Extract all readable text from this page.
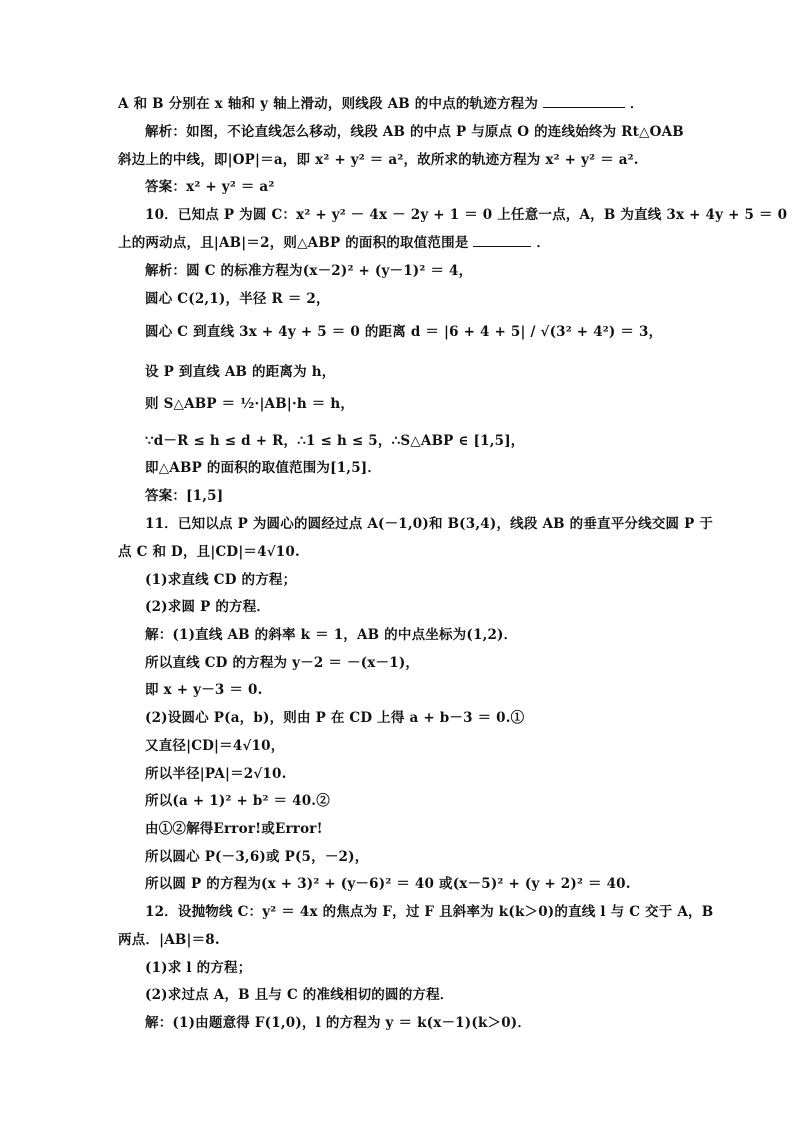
A 和 B 分别在 x 轴和 y 轴上滑动，则线段 AB 的中点的轨迹方程为	．
解析：如图，不论直线怎么移动，线段 AB 的中点 P 与原点 O 的连线始终为 Rt△OAB
斜边上的中线，即|OP|＝a，即 x² + y² ＝ a²，故所求的轨迹方程为 x² + y² ＝ a².
答案：x² + y² ＝ a²
10．已知点 P 为圆 C：x² + y² － 4x － 2y + 1 ＝ 0 上任意一点，A，B 为直线 3x + 4y + 5 ＝ 0
上的两动点，且|AB|＝2，则△ABP 的面积的取值范围是	．
解析：圆 C 的标准方程为(x－2)² + (y－1)² ＝ 4，
圆心 C(2,1)，半径 R ＝ 2，
圆心 C 到直线 3x + 4y + 5 ＝ 0 的距离 d ＝ |6 + 4 + 5| / √(3² + 4²) ＝ 3，
设 P 到直线 AB 的距离为 h，
则 S△ABP ＝ ½·|AB|·h ＝ h，
∵d－R ≤ h ≤ d + R，∴1 ≤ h ≤ 5，∴S△ABP ∈ [1,5]，
即△ABP 的面积的取值范围为[1,5]．
答案：[1,5]
11．已知以点 P 为圆心的圆经过点 A(－1,0)和 B(3,4)，线段 AB 的垂直平分线交圆 P 于
点 C 和 D，且|CD|＝4√10.
(1)求直线 CD 的方程；
(2)求圆 P 的方程．
解：(1)直线 AB 的斜率 k ＝ 1，AB 的中点坐标为(1,2)．
所以直线 CD 的方程为 y－2 ＝ －(x－1)，
即 x + y－3 ＝ 0.
(2)设圆心 P(a，b)，则由 P 在 CD 上得 a + b－3 ＝ 0.①
又直径|CD|＝4√10，
所以半径|PA|＝2√10.
所以(a + 1)² + b² ＝ 40.②
由①②解得Error!或Error!
所以圆心 P(－3,6)或 P(5，－2)，
所以圆 P 的方程为(x + 3)² + (y－6)² ＝ 40 或(x－5)² + (y + 2)² ＝ 40.
12．设抛物线 C：y² ＝ 4x 的焦点为 F，过 F 且斜率为 k(k＞0)的直线 l 与 C 交于 A，B
两点．|AB|＝8.
(1)求 l 的方程；
(2)求过点 A，B 且与 C 的准线相切的圆的方程．
解：(1)由题意得 F(1,0)，l 的方程为 y ＝ k(x－1)(k＞0)．
